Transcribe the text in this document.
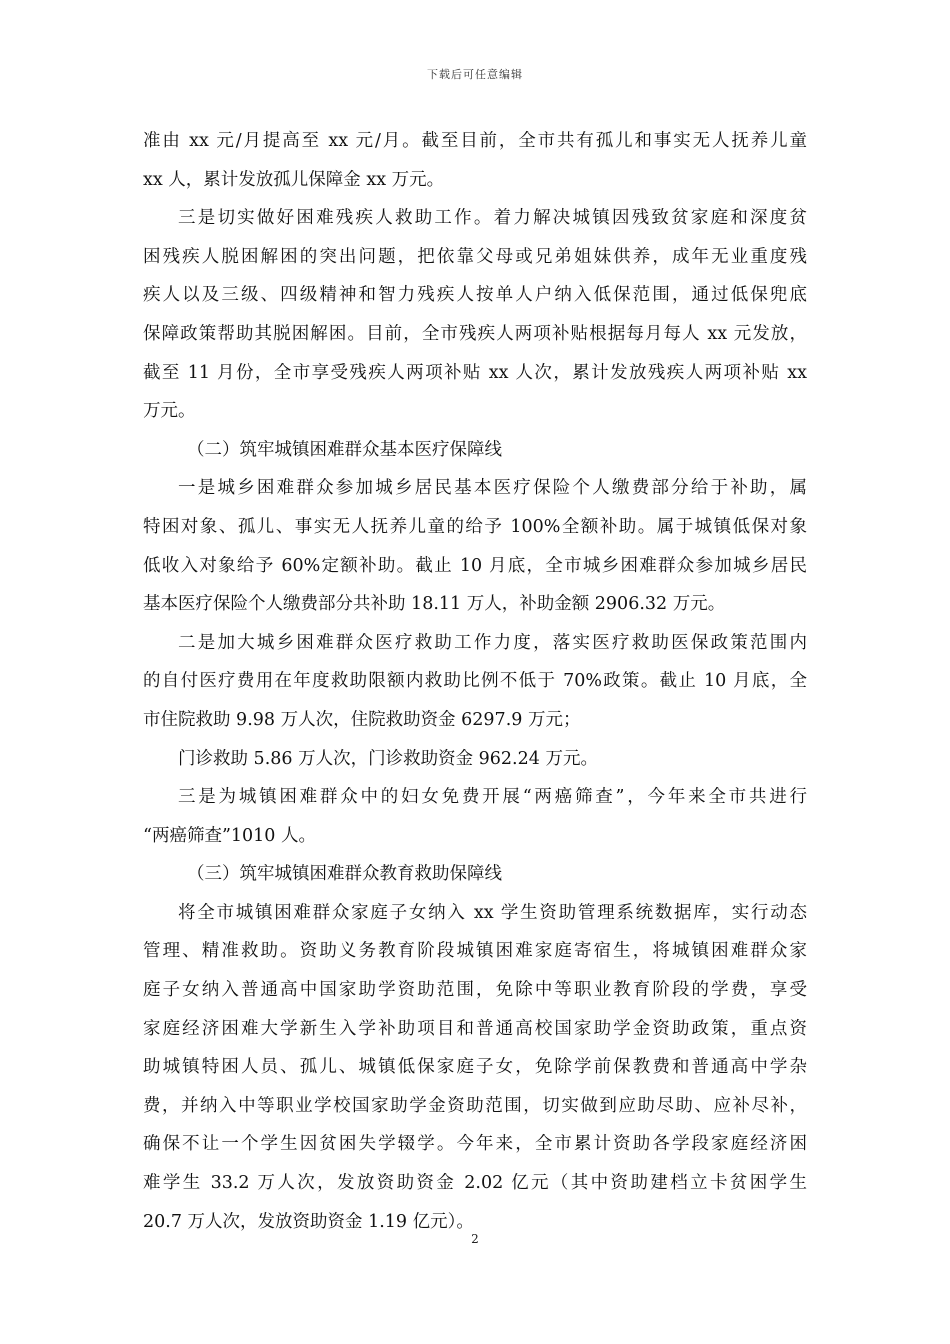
下载后可任意编辑
准由 xx 元/月提高至 xx 元/月。截至目前，全市共有孤儿和事实无人抚养儿童
xx 人，累计发放孤儿保障金 xx 万元。
三是切实做好困难残疾人救助工作。着力解决城镇因残致贫家庭和深度贫
困残疾人脱困解困的突出问题，把依靠父母或兄弟姐妹供养，成年无业重度残
疾人以及三级、四级精神和智力残疾人按单人户纳入低保范围，通过低保兜底
保障政策帮助其脱困解困。目前，全市残疾人两项补贴根据每月每人 xx 元发放，
截至 11 月份，全市享受残疾人两项补贴 xx 人次，累计发放残疾人两项补贴 xx
万元。
（二）筑牢城镇困难群众基本医疗保障线
一是城乡困难群众参加城乡居民基本医疗保险个人缴费部分给于补助，属
特困对象、孤儿、事实无人抚养儿童的给予 100%全额补助。属于城镇低保对象
低收入对象给予 60%定额补助。截止 10 月底，全市城乡困难群众参加城乡居民
基本医疗保险个人缴费部分共补助 18.11 万人，补助金额 2906.32 万元。
二是加大城乡困难群众医疗救助工作力度，落实医疗救助医保政策范围内
的自付医疗费用在年度救助限额内救助比例不低于 70%政策。截止 10 月底，全
市住院救助 9.98 万人次，住院救助资金 6297.9 万元；
门诊救助 5.86 万人次，门诊救助资金 962.24 万元。
三是为城镇困难群众中的妇女免费开展“两癌筛查”，今年来全市共进行
“两癌筛查”1010 人。
（三）筑牢城镇困难群众教育救助保障线
将全市城镇困难群众家庭子女纳入 xx 学生资助管理系统数据库，实行动态
管理、精准救助。资助义务教育阶段城镇困难家庭寄宿生，将城镇困难群众家
庭子女纳入普通高中国家助学资助范围，免除中等职业教育阶段的学费，享受
家庭经济困难大学新生入学补助项目和普通高校国家助学金资助政策，重点资
助城镇特困人员、孤儿、城镇低保家庭子女，免除学前保教费和普通高中学杂
费，并纳入中等职业学校国家助学金资助范围，切实做到应助尽助、应补尽补，
确保不让一个学生因贫困失学辍学。今年来，全市累计资助各学段家庭经济困
难学生 33.2 万人次，发放资助资金 2.02 亿元（其中资助建档立卡贫困学生
20.7 万人次，发放资助资金 1.19 亿元）。
2
